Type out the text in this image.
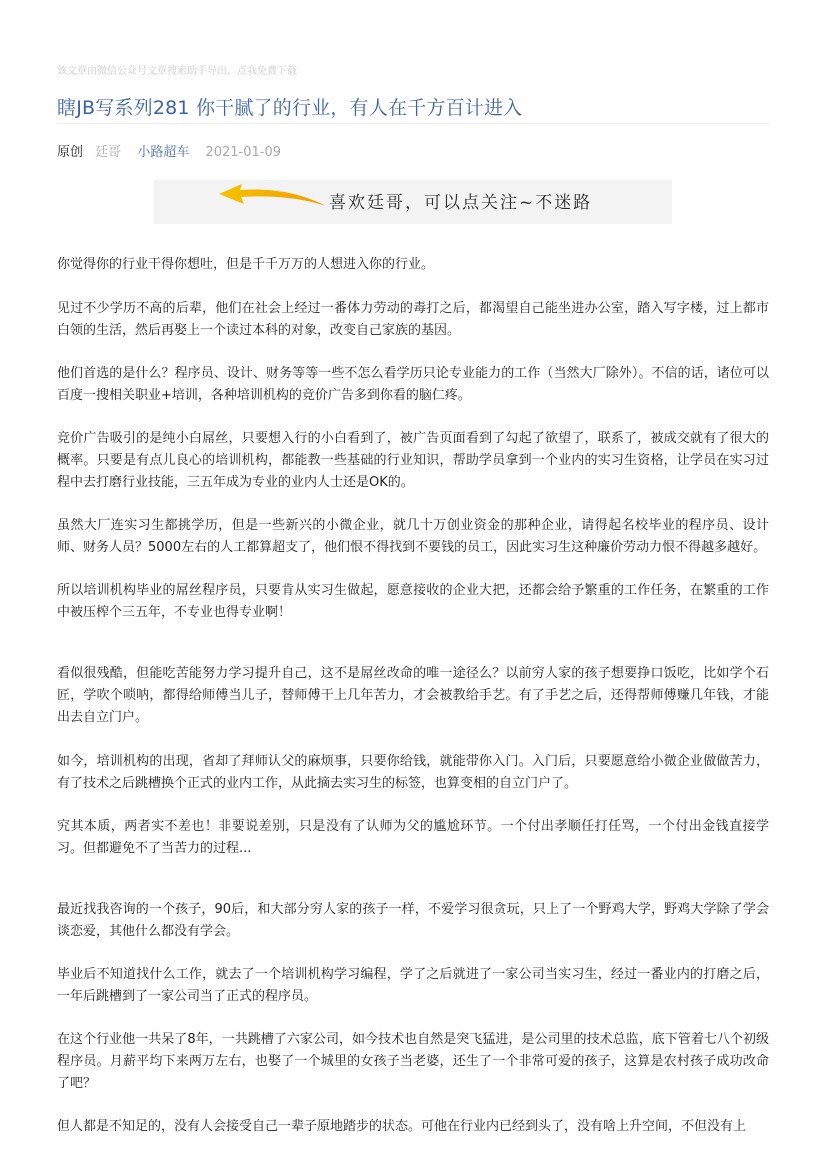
该文章由微信公众号文章搜索助手导出，点我免费下载
瞎JB写系列281 你干腻了的行业，有人在千方百计进入
原创 廷哥 小路超车 2021-01-09
喜欢廷哥，可以点关注~不迷路

你觉得你的行业干得你想吐，但是千千万万的人想进入你的行业。

见过不少学历不高的后辈，他们在社会上经过一番体力劳动的毒打之后，都渴望自己能坐进办公室，踏入写字楼，过上都市白领的生活，然后再娶上一个读过本科的对象，改变自己家族的基因。

他们首选的是什么？程序员、设计、财务等等一些不怎么看学历只论专业能力的工作（当然大厂除外）。不信的话，诸位可以百度一搜相关职业+培训，各种培训机构的竞价广告多到你看的脑仁疼。

竞价广告吸引的是纯小白屌丝，只要想入行的小白看到了，被广告页面看到了勾起了欲望了，联系了，被成交就有了很大的概率。只要是有点儿良心的培训机构，都能教一些基础的行业知识，帮助学员拿到一个业内的实习生资格，让学员在实习过程中去打磨行业技能，三五年成为专业的业内人士还是OK的。

虽然大厂连实习生都挑学历，但是一些新兴的小微企业，就几十万创业资金的那种企业，请得起名校毕业的程序员、设计师、财务人员？5000左右的人工都算超支了，他们恨不得找到不要钱的员工，因此实习生这种廉价劳动力恨不得越多越好。

所以培训机构毕业的屌丝程序员，只要肯从实习生做起，愿意接收的企业大把，还都会给予繁重的工作任务，在繁重的工作中被压榨个三五年，不专业也得专业啊！

看似很残酷，但能吃苦能努力学习提升自己，这不是屌丝改命的唯一途径么？以前穷人家的孩子想要挣口饭吃，比如学个石匠，学吹个唢呐，都得给师傅当儿子，替师傅干上几年苦力，才会被教给手艺。有了手艺之后，还得帮师傅赚几年钱，才能出去自立门户。

如今，培训机构的出现，省却了拜师认父的麻烦事，只要你给钱，就能带你入门。入门后，只要愿意给小微企业做做苦力，有了技术之后跳槽换个正式的业内工作，从此摘去实习生的标签，也算变相的自立门户了。

究其本质，两者实不差也！非要说差别，只是没有了认师为父的尴尬环节。一个付出孝顺任打任骂，一个付出金钱直接学习。但都避免不了当苦力的过程...

最近找我咨询的一个孩子，90后，和大部分穷人家的孩子一样，不爱学习很贪玩，只上了一个野鸡大学，野鸡大学除了学会谈恋爱，其他什么都没有学会。

毕业后不知道找什么工作，就去了一个培训机构学习编程，学了之后就进了一家公司当实习生，经过一番业内的打磨之后，一年后跳槽到了一家公司当了正式的程序员。

在这个行业他一共呆了8年，一共跳槽了六家公司，如今技术也自然是突飞猛进，是公司里的技术总监，底下管着七八个初级程序员。月薪平均下来两万左右，也娶了一个城里的女孩子当老婆，还生了一个非常可爱的孩子，这算是农村孩子成功改命了吧？

但人都是不知足的，没有人会接受自己一辈子原地踏步的状态。可他在行业内已经到头了，没有啥上升空间，不但没有上
